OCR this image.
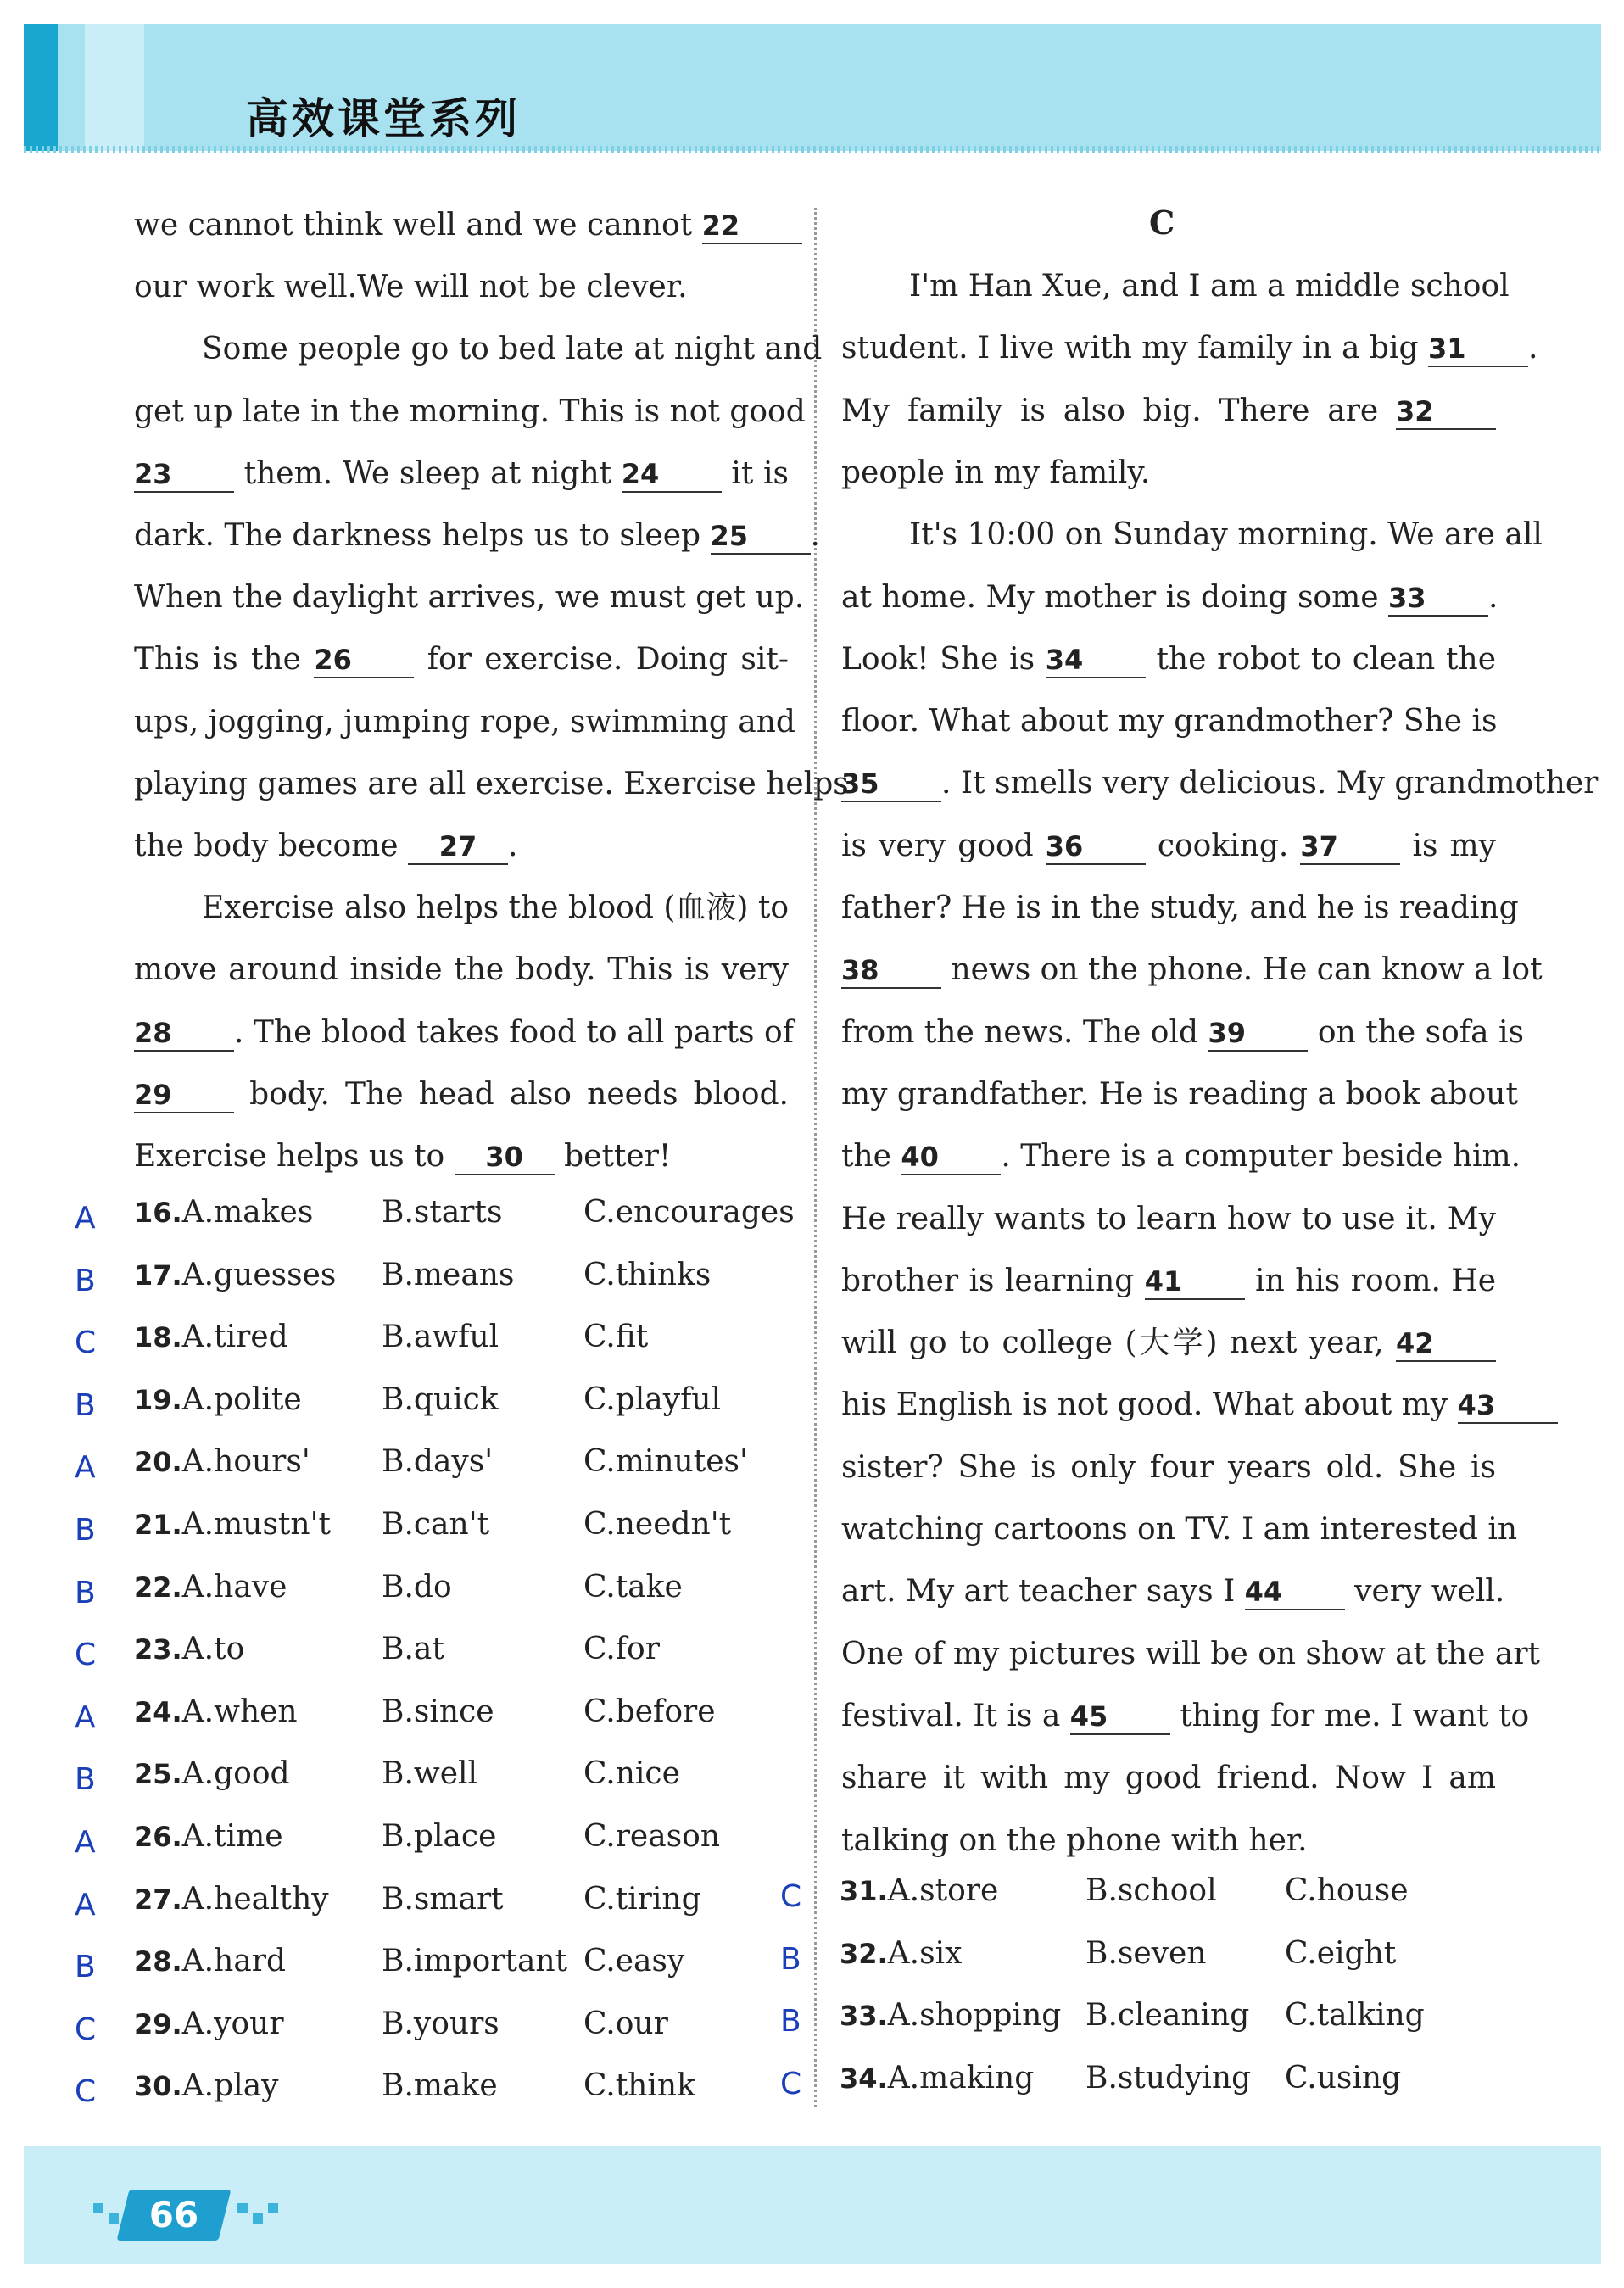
高效课堂系列
we cannot think well and we cannot 22
our work well.We will not be clever.
Some people go to bed late at night and
get up late in the morning. This is not good
23 them. We sleep at night 24 it is
dark. The darkness helps us to sleep 25 .
When the daylight arrives, we must get up.
This is the 26 for exercise. Doing sit-
ups, jogging, jumping rope, swimming and
playing games are all exercise. Exercise helps
the body become 27 .
Exercise also helps the blood (血液) to
move around inside the body. This is very
28 . The blood takes food to all parts of
29 body. The head also needs blood.
Exercise helps us to 30 better!
A 16.A.makes B.starts	C.encourages
B 17.A.guesses B.means C.thinks
C 18.A.tired	B.awful	C.fit
B 19.A.polite	B.quick	C.playful
A 20.A.hours' B.days'	C.minutes'
B 21.A.mustn't B.can't	C.needn't
B 22.A.have	B.do	C.take
C 23.A.to	B.at	C.for
A 24.A.when	B.since	C.before
B 25.A.good	B.well	C.nice
A 26.A.time	B.place	C.reason
A 27.A.healthy B.smart	C.tiring
B 28.A.hard	B.important C.easy
C 29.A.your	B.yours	C.our
C 30.A.play	B.make	C.think
C
I'm Han Xue, and I am a middle school
student. I live with my family in a big 31 .
My family is also big. There are 32
people in my family.
It's 10:00 on Sunday morning. We are all
at home. My mother is doing some 33 .
Look! She is 34 the robot to clean the
floor. What about my grandmother? She is
35 . It smells very delicious. My grandmother
is very good 36 cooking. 37 is my
father? He is in the study, and he is reading
38 news on the phone. He can know a lot
from the news. The old 39 on the sofa is
my grandfather. He is reading a book about
the 40 . There is a computer beside him.
He really wants to learn how to use it. My
brother is learning 41 in his room. He
will go to college (大学) next year, 42
his English is not good. What about my 43
sister? She is only four years old. She is
watching cartoons on TV. I am interested in
art. My art teacher says I 44 very well.
One of my pictures will be on show at the art
festival. It is a 45 thing for me. I want to
share it with my good friend. Now I am
talking on the phone with her.
C 31.A.store	B.school C.house
B 32.A.six	B.seven	C.eight
B 33.A.shopping B.cleaning C.talking
C 34.A.making B.studying C.using
66
